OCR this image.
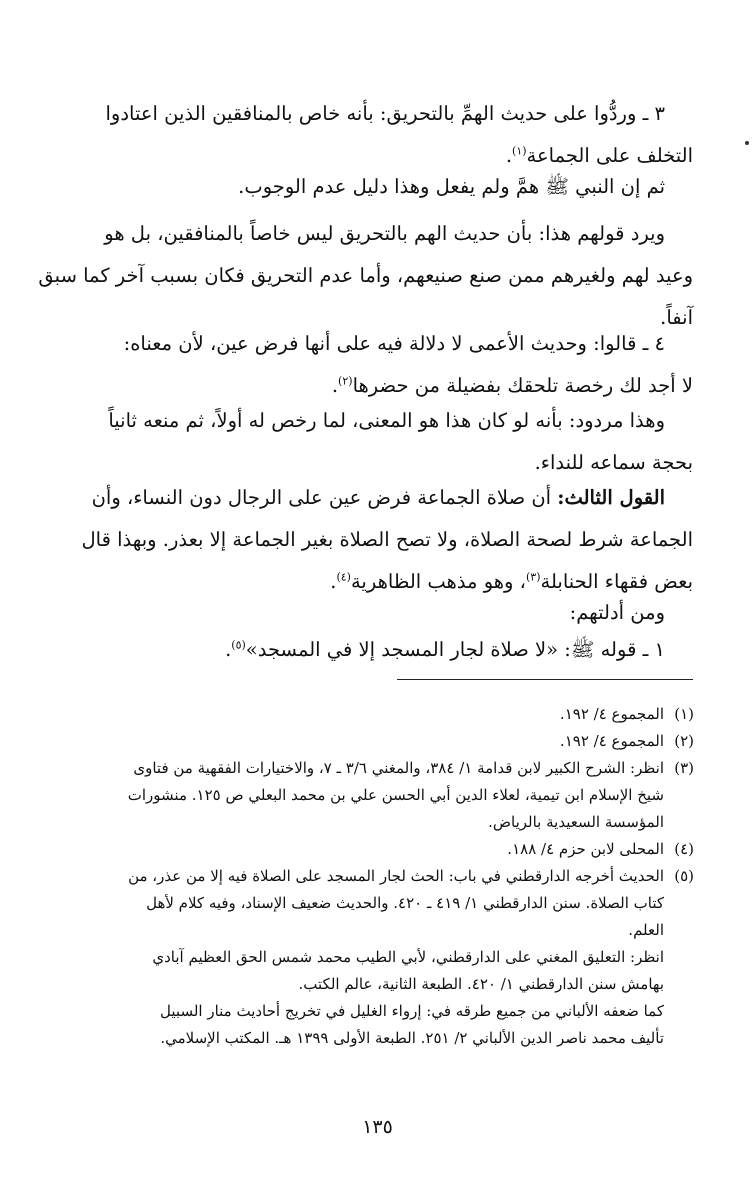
٣ ـ وردُّوا على حديث الهمِّ بالتحريق: بأنه خاص بالمنافقين الذين اعتادوا
التخلف على الجماعة$^{(١)}$.
ثم إن النبي ﷺ همَّ ولم يفعل وهذا دليل عدم الوجوب.
ويرد قولهم هذا: بأن حديث الهم بالتحريق ليس خاصاً بالمنافقين، بل هو
وعيد لهم ولغيرهم ممن صنع صنيعهم، وأما عدم التحريق فكان بسبب آخر كما سبق
آنفاً.
٤ ـ قالوا: وحديث الأعمى لا دلالة فيه على أنها فرض عين، لأن معناه:
لا أجد لك رخصة تلحقك بفضيلة من حضرها$^{(٢)}$.
وهذا مردود: بأنه لو كان هذا هو المعنى، لما رخص له أولاً، ثم منعه ثانياً
بحجة سماعه للنداء.
القول الثالث: أن صلاة الجماعة فرض عين على الرجال دون النساء، وأن
الجماعة شرط لصحة الصلاة، ولا تصح الصلاة بغير الجماعة إلا بعذر. وبهذا قال
بعض فقهاء الحنابلة$^{(٣)}$، وهو مذهب الظاهرية$^{(٤)}$.
ومن أدلتهم:
١ ـ قوله ﷺ: «لا صلاة لجار المسجد إلا في المسجد»$^{(٥)}$.
(١)المجموع ٤/ ١٩٢.
(٢)المجموع ٤/ ١٩٢.
(٣)انظر: الشرح الكبير لابن قدامة ١/ ٣٨٤، والمغني ٣/٦ ـ ٧، والاختيارات الفقهية من فتاوى
شيخ الإسلام ابن تيمية، لعلاء الدين أبي الحسن علي بن محمد البعلي ص ١٢٥. منشورات
المؤسسة السعيدية بالرياض.
(٤)المحلى لابن حزم ٤/ ١٨٨.
(٥)الحديث أخرجه الدارقطني في باب: الحث لجار المسجد على الصلاة فيه إلا من عذر، من
كتاب الصلاة. سنن الدارقطني ١/ ٤١٩ ـ ٤٢٠. والحديث ضعيف الإسناد، وفيه كلام لأهل
العلم.
انظر: التعليق المغني على الدارقطني، لأبي الطيب محمد شمس الحق العظيم آبادي
بهامش سنن الدارقطني ١/ ٤٢٠. الطبعة الثانية، عالم الكتب.
كما ضعفه الألباني من جميع طرقه في: إرواء الغليل في تخريج أحاديث منار السبيل
تأليف محمد ناصر الدين الألباني ٢/ ٢٥١. الطبعة الأولى ١٣٩٩ هـ. المكتب الإسلامي.
١٣٥
